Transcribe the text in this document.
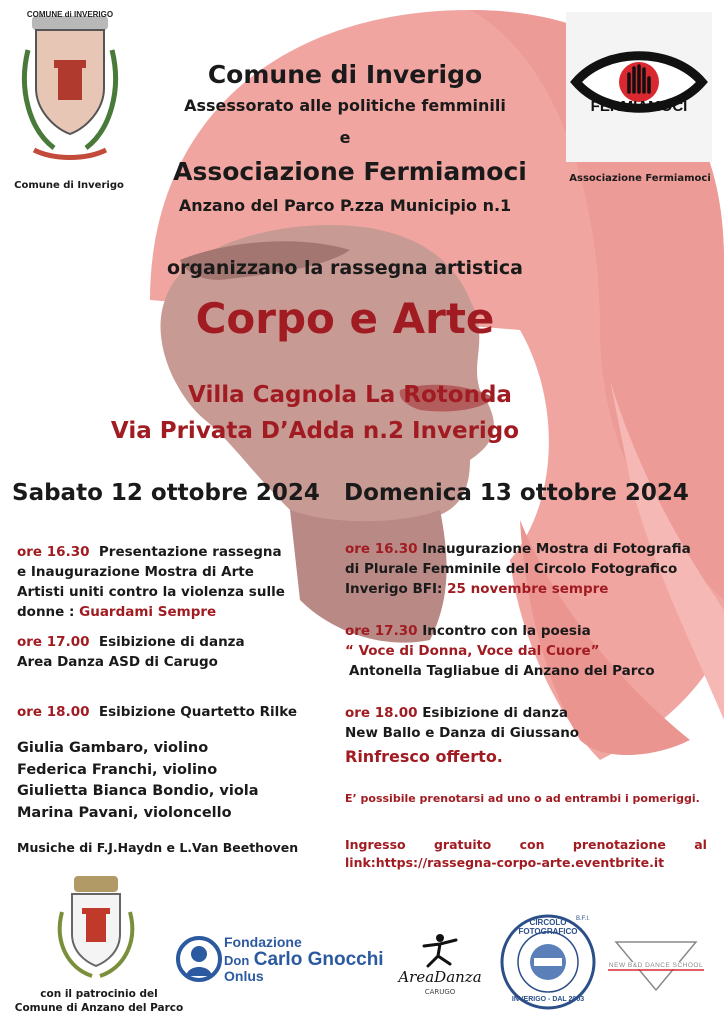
COMUNE di INVERIGO
Comune di Inverigo
FERMIAMOCI
Associazione Fermiamoci
Comune di Inverigo
Assessorato alle politiche femminili
e
Associazione Fermiamoci
Anzano del Parco P.zza Municipio n.1
organizzano la rassegna artistica
Corpo e Arte
Villa Cagnola La Rotonda
Via Privata D’Adda n.2 Inverigo
Sabato 12 ottobre 2024
ore 16.30 Presentazione rassegna
e Inaugurazione Mostra di Arte
Artisti uniti contro la violenza sulle
donne : Guardami Sempre
ore 17.00 Esibizione di danza
Area Danza ASD di Carugo
ore 18.00 Esibizione Quartetto Rilke
Giulia Gambaro, violino
Federica Franchi, violino
Giulietta Bianca Bondio, viola
Marina Pavani, violoncello
Musiche di F.J.Haydn e L.Van Beethoven
Domenica 13 ottobre 2024
ore 16.30 Inaugurazione Mostra di Fotografia
di Plurale Femminile del Circolo Fotografico
Inverigo BFI: 25 novembre sempre
ore 17.30 Incontro con la poesia
“ Voce di Donna, Voce dal Cuore”
Antonella Tagliabue di Anzano del Parco
ore 18.00 Esibizione di danza
New Ballo e Danza di Giussano
Rinfresco offerto.
E’ possibile prenotarsi ad uno o ad entrambi i pomeriggi.
Ingresso gratuito con prenotazione al
link:https://rassegna-corpo-arte.eventbrite.it
con il patrocinio del
Comune di Anzano del Parco
Fondazione
Don Carlo Gnocchi
Onlus	AreaDanza
CARUGO
CIRCOLO FOTOGRAFICO
INVERIGO - DAL 2003
B.F.I.
NEW B&D DANCE SCHOOL
